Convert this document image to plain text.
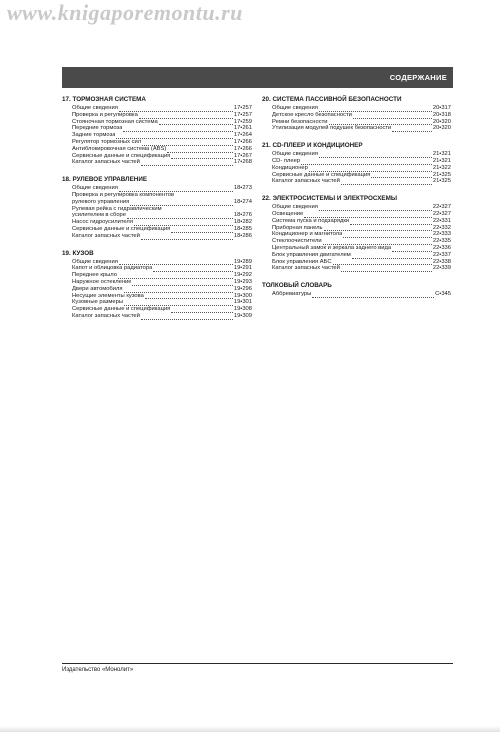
www.knigaporemontu.ru
СОДЕРЖАНИЕ
17. ТОРМОЗНАЯ СИСТЕМА
Общие сведения	17•257
Проверка и регулировка	17•257
Стояночная тормозная система	17•259
Передние тормоза	17•261
Задние тормоза	17•264
Регулятор тормозных сил	17•266
Антиблокировочная система (ABS)	17•266
Сервисные данные и спецификация	17•267
Каталог запасных частей	17•268
18. РУЛЕВОЕ УПРАВЛЕНИЕ
Общие сведения	18•273
Проверка и регулировка компонентов
рулевого управления	18•274
Рулевая рейка с гидравлическим
усилителем в сборе	18•276
Насос гидроусилителя	18•282
Сервисные данные и спецификация	18•285
Каталог запасных частей	18•286
19. КУЗОВ
Общие сведения	19•289
Капот и облицовка радиатора	19•291
Переднее крыло	19•292
Наружное остекление	19•293
Двери автомобиля	19•296
Несущие элементы кузова	19•300
Кузовные размеры	19•301
Сервисные данные и спецификация	19•308
Каталог запасных частей	19•309
20. СИСТЕМА ПАССИВНОЙ БЕЗОПАСНОСТИ
Общие сведения	20•317
Детское кресло безопасности	20•318
Ремни безопасности	20•320
Утилизация модулей подушек безопасности	20•320
21. CD-ПЛЕЕР И КОНДИЦИОНЕР
Общие сведения	21•321
CD- плеер	21•321
Кондиционер	21•322
Сервисные данные и спецификация	21•325
Каталог запасных частей	21•325
22. ЭЛЕКТРОСИСТЕМЫ И ЭЛЕКТРОСХЕМЫ
Общие сведения	22•327
Освещение	22•327
Система пуска и подзарядки	22•331
Приборная панель	22•332
Кондиционер и магнитола	22•333
Стеклоочистители	22•335
Центральный замок и зеркала заднего вида	22•336
Блок управления двигателем	22•337
Блок управления АБС	22•338
Каталог запасных частей	22•339
ТОЛКОВЫЙ СЛОВАРЬ
Аббревиатуры	С•345
Издательство «Монолит»
